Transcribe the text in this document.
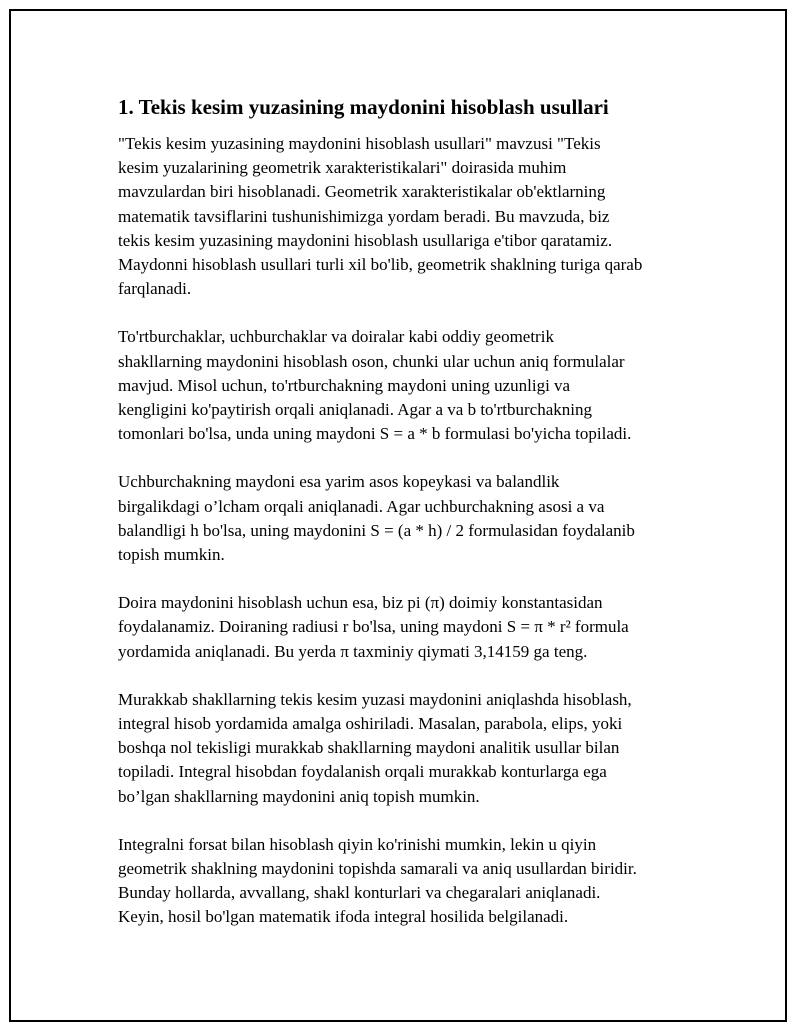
1. Tekis kesim yuzasining maydonini hisoblash usullari

"Tekis kesim yuzasining maydonini hisoblash usullari" mavzusi "Tekis
kesim yuzalarining geometrik xarakteristikalari" doirasida muhim
mavzulardan biri hisoblanadi. Geometrik xarakteristikalar ob'ektlarning
matematik tavsiflarini tushunishimizga yordam beradi. Bu mavzuda, biz
tekis kesim yuzasining maydonini hisoblash usullariga e'tibor qaratamiz.
Maydonni hisoblash usullari turli xil bo'lib, geometrik shaklning turiga qarab
farqlanadi.

To'rtburchaklar, uchburchaklar va doiralar kabi oddiy geometrik
shakllarning maydonini hisoblash oson, chunki ular uchun aniq formulalar
mavjud. Misol uchun, to'rtburchakning maydoni uning uzunligi va
kengligini ko'paytirish orqali aniqlanadi. Agar a va b to'rtburchakning
tomonlari bo'lsa, unda uning maydoni S = a * b formulasi bo'yicha topiladi.

Uchburchakning maydoni esa yarim asos kopeykasi va balandlik
birgalikdagi o’lcham orqali aniqlanadi. Agar uchburchakning asosi a va
balandligi h bo'lsa, uning maydonini S = (a * h) / 2 formulasidan foydalanib
topish mumkin.

Doira maydonini hisoblash uchun esa, biz pi (π) doimiy konstantasidan
foydalanamiz. Doiraning radiusi r bo'lsa, uning maydoni S = π * r² formula
yordamida aniqlanadi. Bu yerda π taxminiy qiymati 3,14159 ga teng.

Murakkab shakllarning tekis kesim yuzasi maydonini aniqlashda hisoblash,
integral hisob yordamida amalga oshiriladi. Masalan, parabola, elips, yoki
boshqa nol tekisligi murakkab shakllarning maydoni analitik usullar bilan
topiladi. Integral hisobdan foydalanish orqali murakkab konturlarga ega
bo’lgan shakllarning maydonini aniq topish mumkin.

Integralni forsat bilan hisoblash qiyin ko'rinishi mumkin, lekin u qiyin
geometrik shaklning maydonini topishda samarali va aniq usullardan biridir.
Bunday hollarda, avvallang, shakl konturlari va chegaralari aniqlanadi.
Keyin, hosil bo'lgan matematik ifoda integral hosilida belgilanadi.
